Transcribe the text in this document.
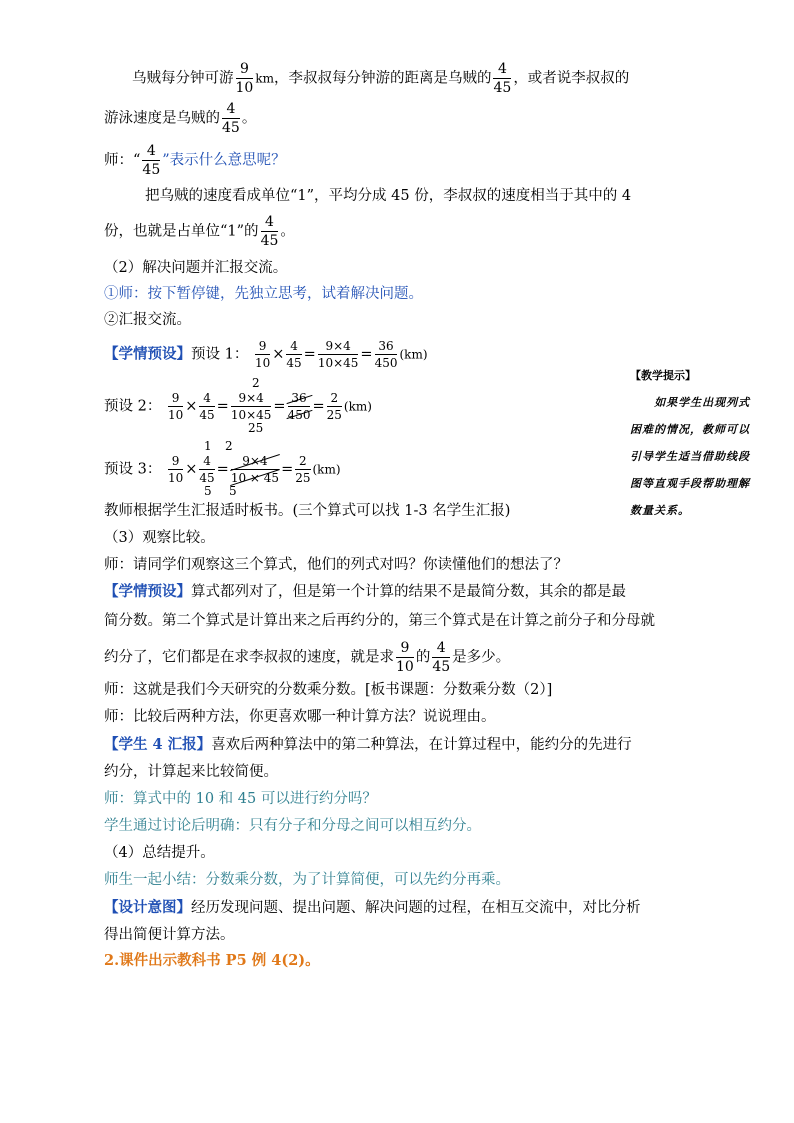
乌贼每分钟可游 $\frac{9}{10}$ km，李叔叔每分钟游的距离是乌贼的 $\frac{4}{45}$ ，或者说李叔叔的
游泳速度是乌贼的 $\frac{4}{45}$ 。
师：“ $\frac{4}{45}$ ”表示什么意思呢？
把乌贼的速度看成单位“1”，平均分成 45 份，李叔叔的速度相当于其中的 4
份，也就是占单位“1”的 $\frac{4}{45}$ 。
（2）解决问题并汇报交流。
①师：按下暂停键，先独立思考，试着解决问题。
②汇报交流。
【学情预设】预设 1： $\frac{9}{10} \times \frac{4}{45} = \frac{9\times 4}{10\times 45} = \frac{36}{450} (km)$
预设 2： $\frac{9}{10} \times \frac{4}{45} = \frac{9\times 4}{10\times 45} = \frac{36}{450} = \frac{2}{25} (km)$
2
25
预设 3： $\frac{9}{10} \times \frac{4}{45} = \frac{9\times 4}{10 \times 45} = \frac{2}{25} (km)$
1 2
5 5
教师根据学生汇报适时板书。(三个算式可以找 1-3 名学生汇报)
（3）观察比较。
师：请同学们观察这三个算式，他们的列式对吗？你读懂他们的想法了？
【学情预设】算式都列对了，但是第一个计算的结果不是最简分数，其余的都是最
简分数。第二个算式是计算出来之后再约分的，第三个算式是在计算之前分子和分母就
约分了，它们都是在求李叔叔的速度，就是求 $\frac{9}{10}$ 的 $\frac{4}{45}$ 是多少。
师：这就是我们今天研究的分数乘分数。[板书课题：分数乘分数（2）]
师：比较后两种方法，你更喜欢哪一种计算方法？说说理由。
【学生 4 汇报】喜欢后两种算法中的第二种算法，在计算过程中，能约分的先进行
约分，计算起来比较简便。
师：算式中的 10 和 45 可以进行约分吗？
学生通过讨论后明确：只有分子和分母之间可以相互约分。
（4）总结提升。
师生一起小结：分数乘分数，为了计算简便，可以先约分再乘。
【设计意图】经历发现问题、提出问题、解决问题的过程，在相互交流中，对比分析
得出简便计算方法。
2.课件出示教科书 P5 例 4(2)。
【教学提示】
如果学生出现列式困难的情况，教师可以引导学生适当借助线段图等直观手段帮助理解数量关系。
